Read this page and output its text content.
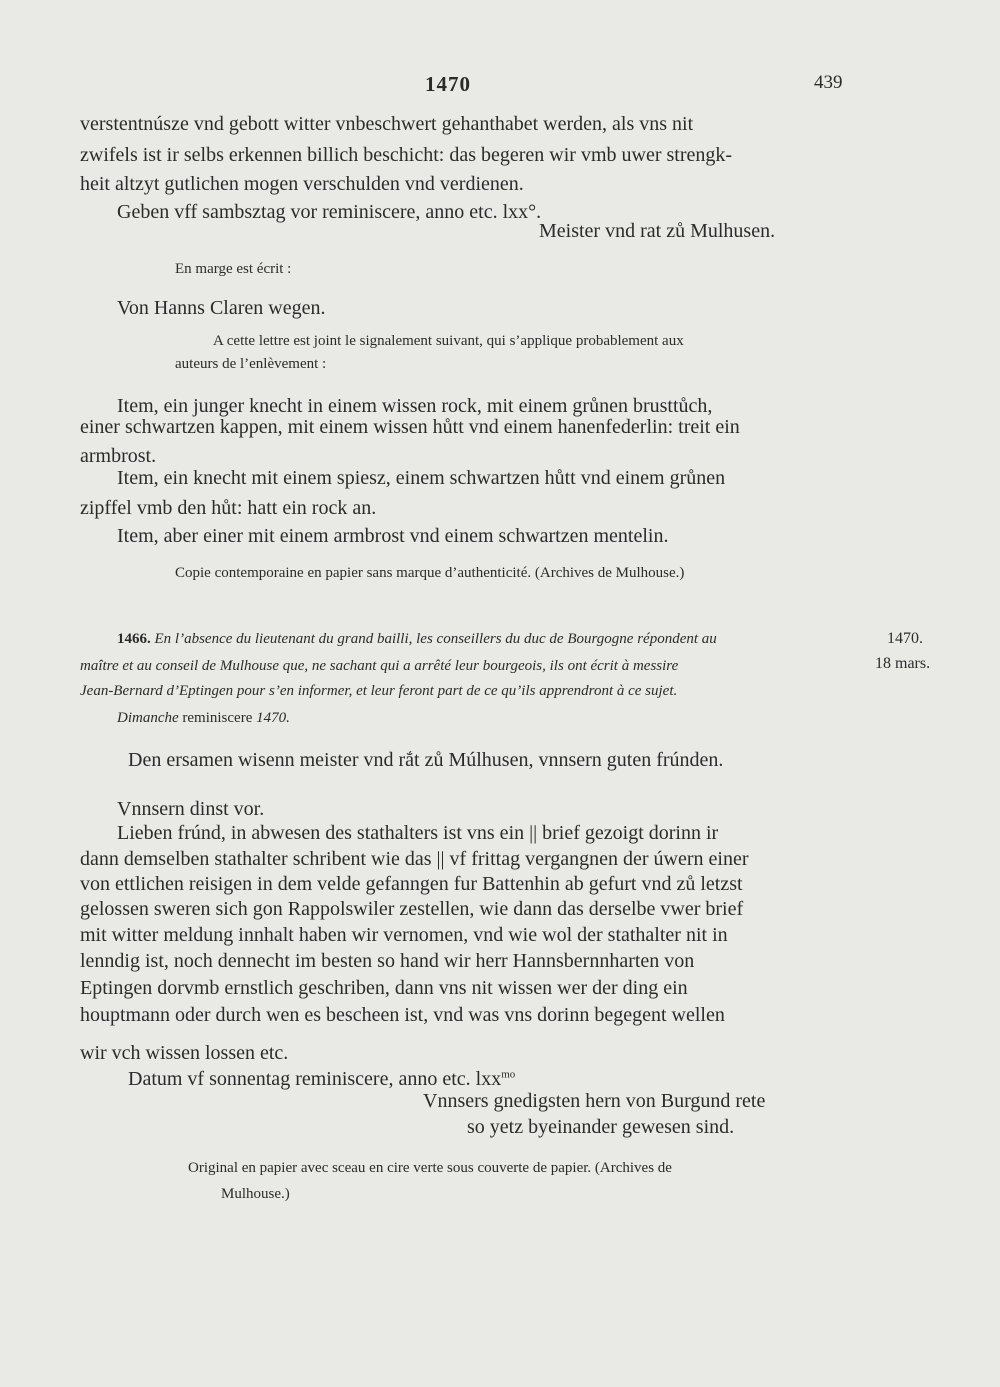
1470	439
verstentnúsze vnd gebott witter vnbeschwert gehanthabet werden, als vns nit
zwifels ist ir selbs erkennen billich beschicht: das begeren wir vmb uwer strengk-
heit altzyt gutlichen mogen verschulden vnd verdienen.
Geben vff sambsztag vor reminiscere, anno etc. lxx°.
Meister vnd rat zů Mulhusen.
En marge est écrit :
Von Hanns Claren wegen.
A cette lettre est joint le signalement suivant, qui s’applique probablement aux
auteurs de l’enlèvement :
Item, ein junger knecht in einem wissen rock, mit einem grůnen brusttůch,
einer schwartzen kappen, mit einem wissen hůtt vnd einem hanenfederlin: treit ein
armbrost.
Item, ein knecht mit einem spiesz, einem schwartzen hůtt vnd einem grůnen
zipffel vmb den hůt: hatt ein rock an.
Item, aber einer mit einem armbrost vnd einem schwartzen mentelin.
Copie contemporaine en papier sans marque d’authenticité. (Archives de Mulhouse.)
1466. En l’absence du lieutenant du grand bailli, les conseillers du duc de Bourgogne répondent au
maître et au conseil de Mulhouse que, ne sachant qui a arrêté leur bourgeois, ils ont écrit à messire
Jean-Bernard d’Eptingen pour s’en informer, et leur feront part de ce qu’ils apprendront à ce sujet.
Dimanche reminiscere 1470.
1470.
18 mars.
Den ersamen wisenn meister vnd rắt zů Múlhusen, vnnsern guten frúnden.
Vnnsern dinst vor.
Lieben frúnd, in abwesen des stathalters ist vns ein || brief gezoigt dorinn ir
dann demselben stathalter schribent wie das || vf frittag vergangnen der úwern einer
von ettlichen reisigen in dem velde gefanngen fur Battenhin ab gefurt vnd zů letzst
gelossen sweren sich gon Rappolswiler zestellen, wie dann das derselbe vwer brief
mit witter meldung innhalt haben wir vernomen, vnd wie wol der stathalter nit in
lenndig ist, noch dennecht im besten so hand wir herr Hannsbernnharten von
Eptingen dorvmb ernstlich geschriben, dann vns nit wissen wer der ding ein
houptmann oder durch wen es bescheen ist, vnd was vns dorinn begegent wellen
wir vch wissen lossen etc.
Datum vf sonnentag reminiscere, anno etc. lxx$^{mo}$
Vnnsers gnedigsten hern von Burgund rete
so yetz byeinander gewesen sind.
Original en papier avec sceau en cire verte sous couverte de papier. (Archives de
Mulhouse.)
